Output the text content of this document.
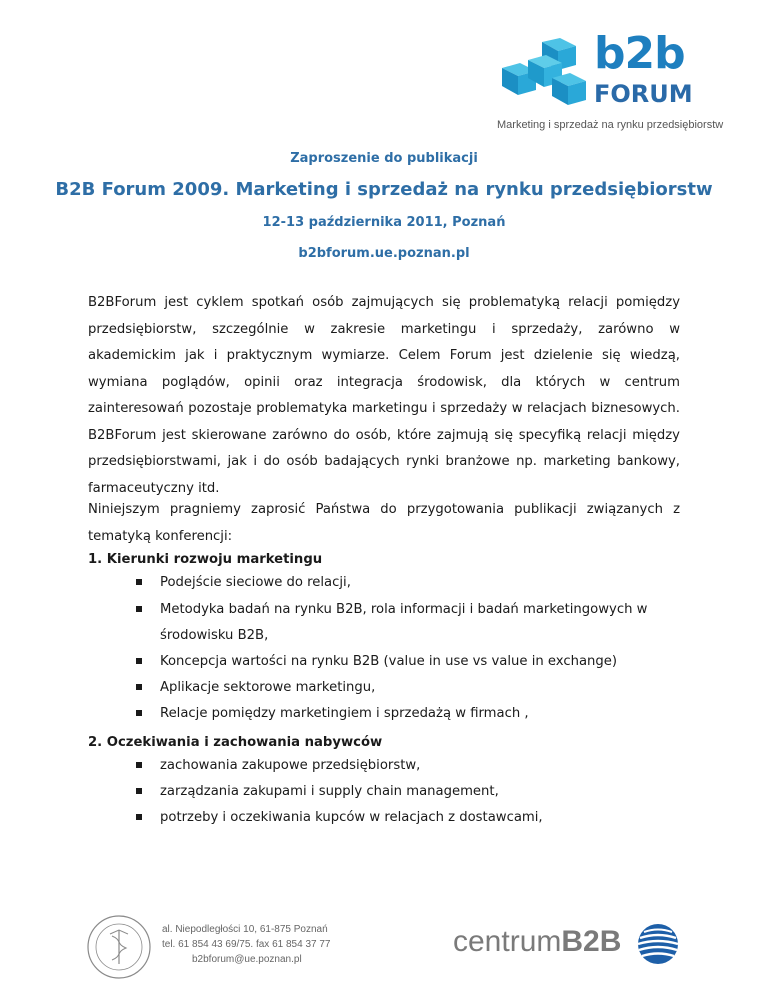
b2b
FORUM
Marketing i sprzedaż na rynku przedsiębiorstw
Zaproszenie do publikacji
B2B Forum 2009. Marketing i sprzedaż na rynku przedsiębiorstw
12-13 października 2011, Poznań
b2bforum.ue.poznan.pl
B2BForum jest cyklem spotkań osób zajmujących się problematyką relacji pomiędzy przedsiębiorstw, szczególnie w zakresie marketingu i sprzedaży, zarówno w akademickim jak i praktycznym wymiarze. Celem Forum jest dzielenie się wiedzą, wymiana poglądów, opinii oraz integracja środowisk, dla których w centrum zainteresowań pozostaje problematyka marketingu i sprzedaży w relacjach biznesowych. B2BForum jest skierowane zarówno do osób, które zajmują się specyfiką relacji między przedsiębiorstwami, jak i do osób badających rynki branżowe np. marketing bankowy, farmaceutyczny itd.
Niniejszym pragniemy zaprosić Państwa do przygotowania publikacji związanych z tematyką konferencji:
1. Kierunki rozwoju marketingu
Podejście sieciowe do relacji,
Metodyka badań na rynku B2B, rola informacji i badań marketingowych w środowisku B2B,
Koncepcja wartości na rynku B2B (value in use vs value in exchange)
Aplikacje sektorowe marketingu,
Relacje pomiędzy marketingiem i sprzedażą w firmach ,
2. Oczekiwania i zachowania nabywców
zachowania zakupowe przedsiębiorstw,
zarządzania zakupami i supply chain management,
potrzeby i oczekiwania kupców w relacjach z dostawcami,
al. Niepodległości 10, 61-875 Poznań
tel. 61 854 43 69/75. fax 61 854 37 77
b2bforum@ue.poznan.pl
centrumB2B
